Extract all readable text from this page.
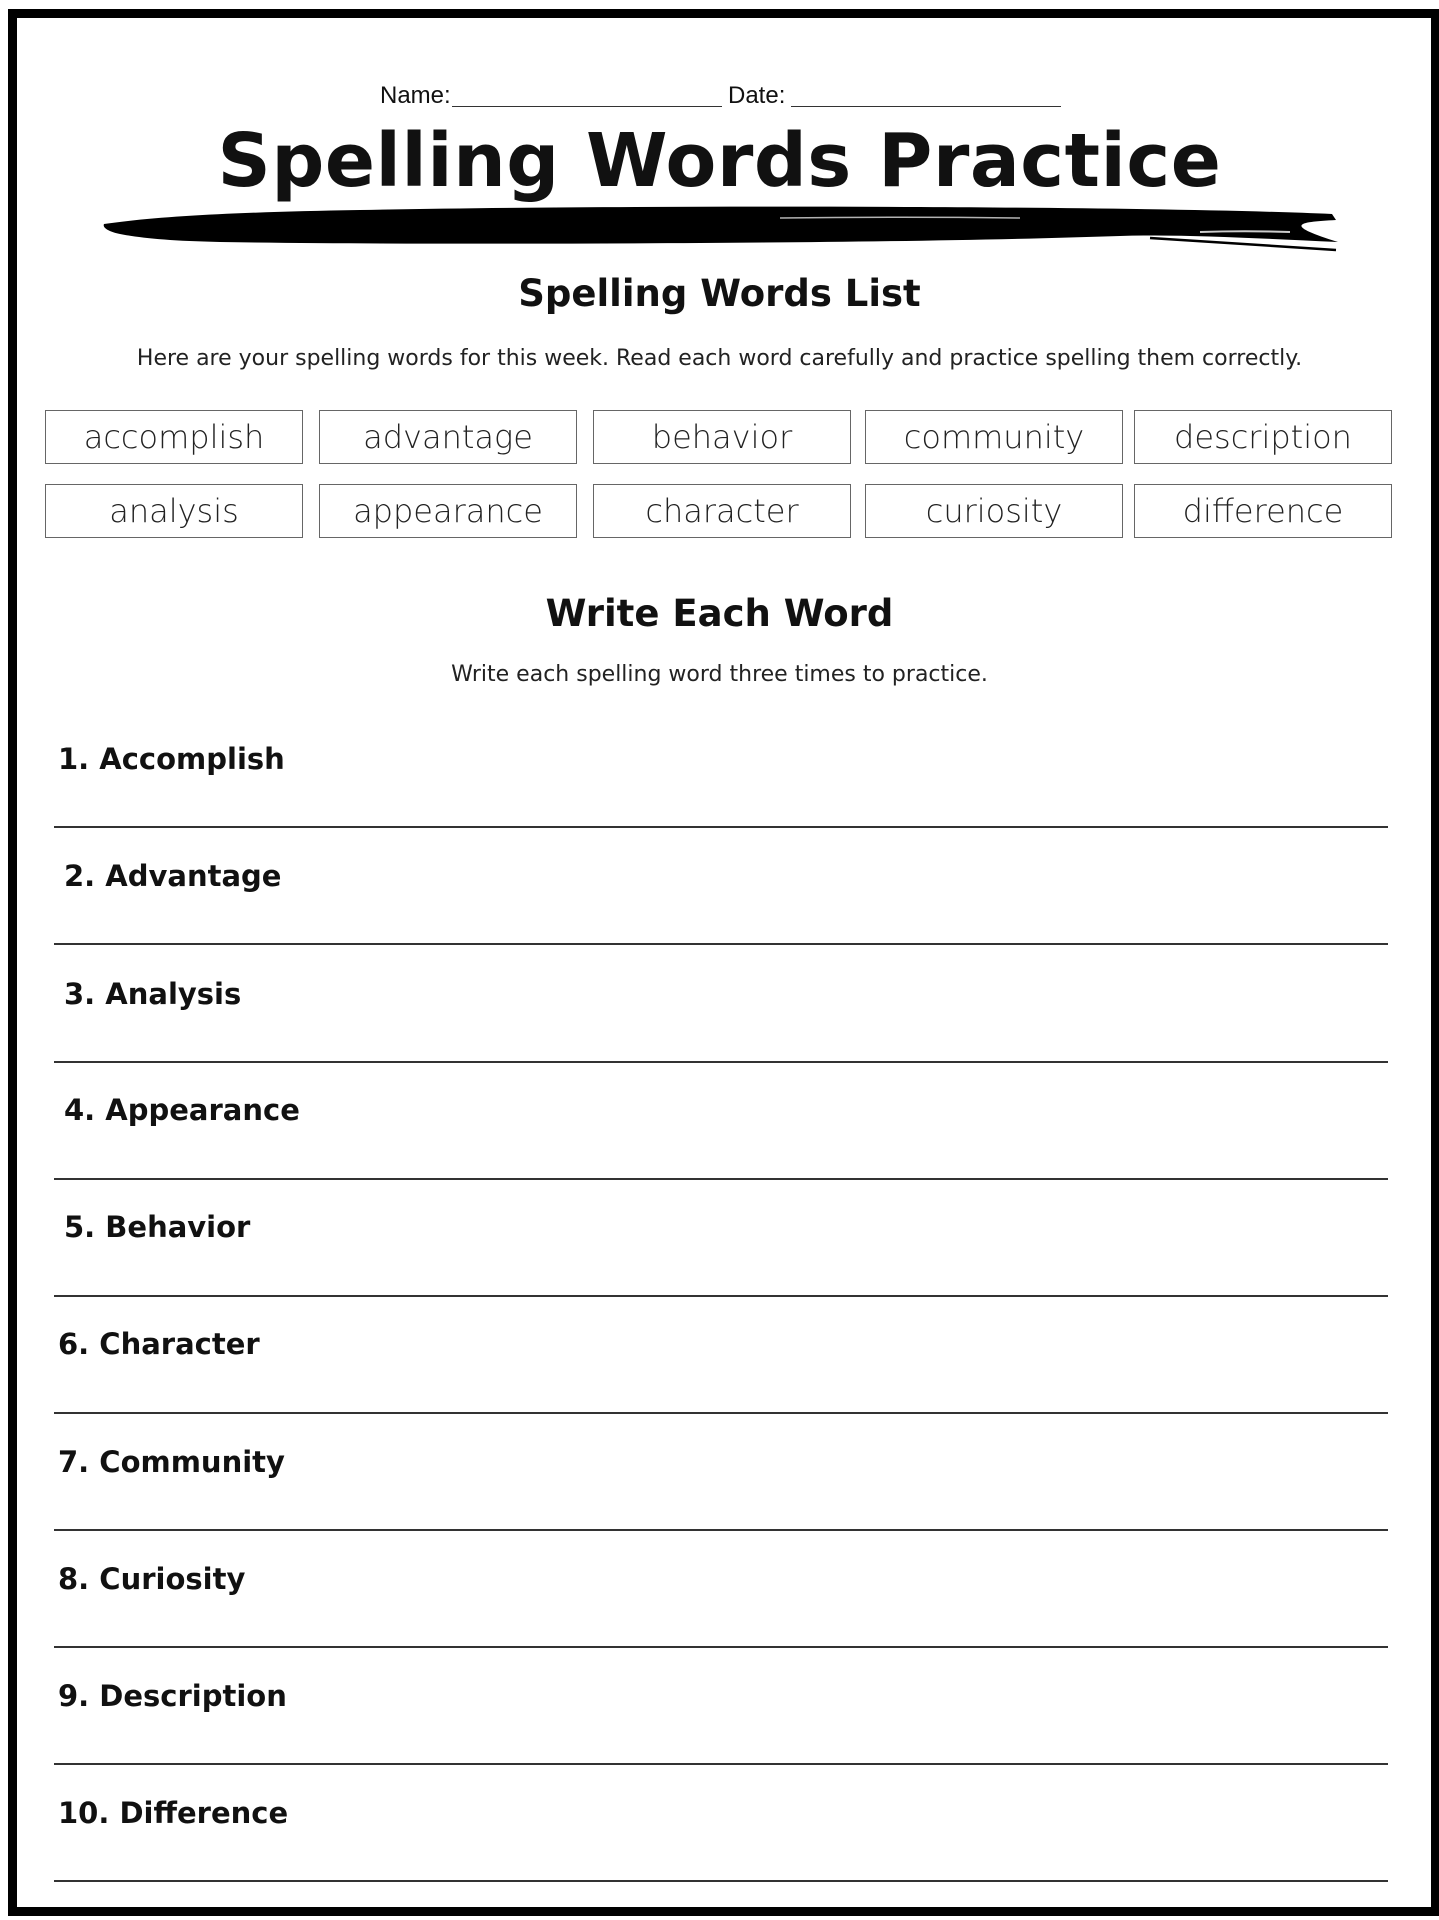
Name:	Date:
Spelling Words Practice
Spelling Words List
Here are your spelling words for this week. Read each word carefully and practice spelling them correctly.
accomplish	advantage	behavior	community	description
analysis	appearance	character	curiosity	difference
Write Each Word
Write each spelling word three times to practice.
1. Accomplish
2. Advantage
3. Analysis
4. Appearance
5. Behavior
6. Character
7. Community
8. Curiosity
9. Description
10. Difference
